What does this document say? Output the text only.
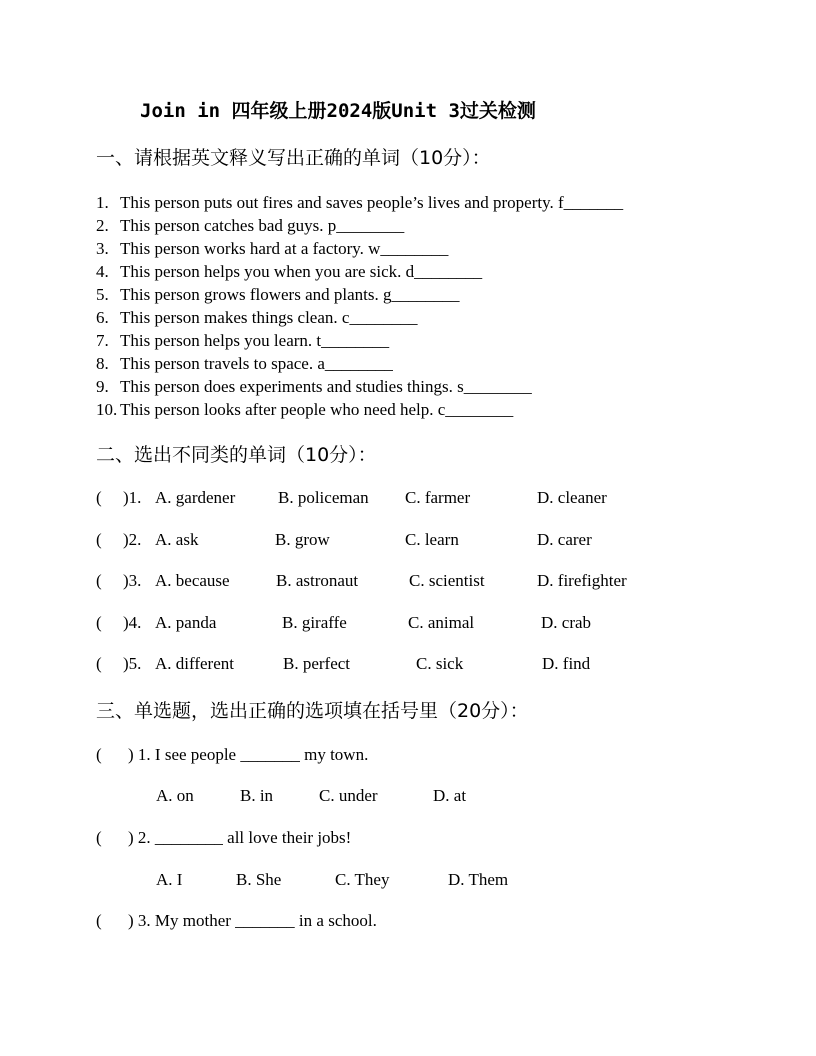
Join in 四年级上册2024版Unit 3过关检测
一、请根据英文释义写出正确的单词（10分）：
1. This person puts out fires and saves people’s lives and property. f_______
2. This person catches bad guys. p________
3. This person works hard at a factory. w________
4. This person helps you when you are sick. d________
5. This person grows flowers and plants. g________
6. This person makes things clean. c________
7. This person helps you learn. t________
8. This person travels to space. a________
9. This person does experiments and studies things. s________
10. This person looks after people who need help. c________
二、选出不同类的单词（10分）：
( )1. A. gardener	B. policeman C. farmer	D. cleaner
( )2. A. ask	B. grow	C. learn	D. carer
( )3. A. because	B. astronaut	C. scientist	D. firefighter
( )4. A. panda	B. giraffe	C. animal	D. crab
( )5. A. different	B. perfect	C. sick	D. find
三、单选题，选出正确的选项填在括号里（20分）：
( ) 1. I see people _______ my town.
A. on	B. in	C. under	D. at
( ) 2. ________ all love their jobs!
A. I	B. She	C. They	D. Them
( ) 3. My mother _______ in a school.
